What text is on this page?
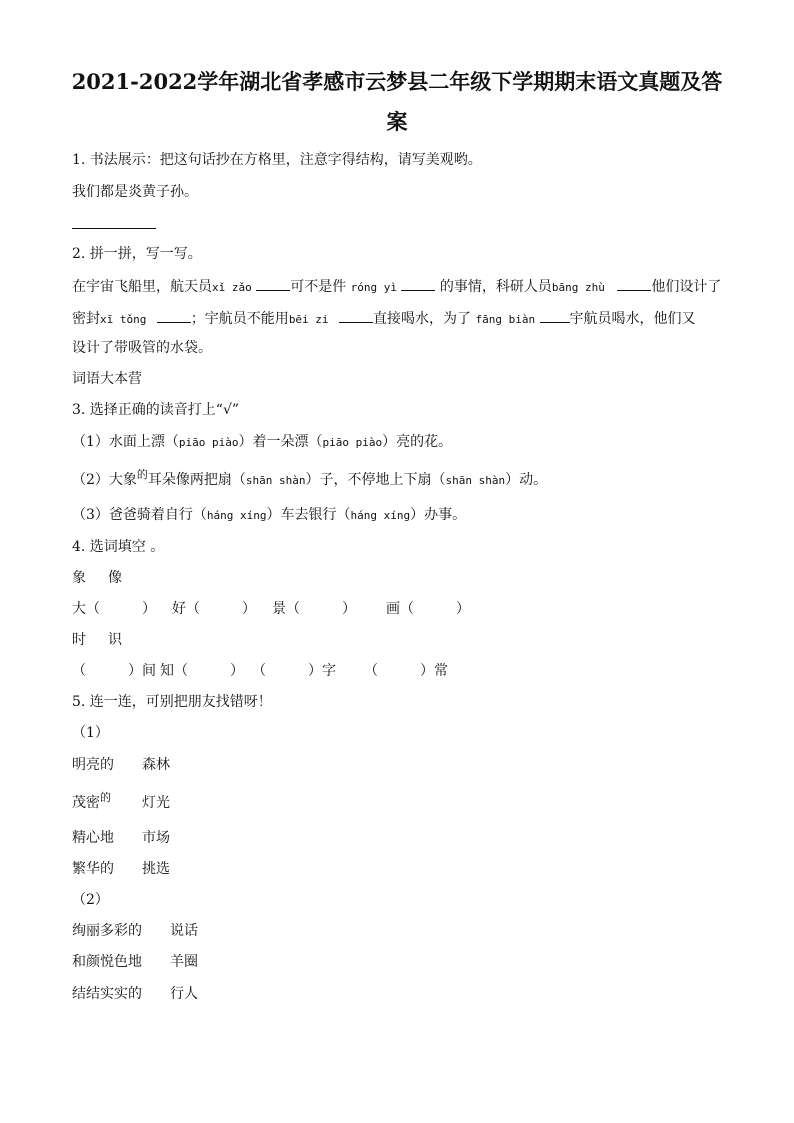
2021-2022学年湖北省孝感市云梦县二年级下学期期末语文真题及答
案
1. 书法展示：把这句话抄在方格里，注意字得结构，请写美观哟。
我们都是炎黄子孙。
2. 拼一拼，写一写。
在宇宙飞船里，航天员xǐ zǎo	可不是件 róng yì	的事情，科研人员bāng zhù	他们设计了
密封xī tǒng	；宇航员不能用bēi zi	直接喝水，为了 fāng biàn 宇航员喝水，他们又
设计了带吸管的水袋。
词语大本营
3. 选择正确的读音打上“√”
（1）水面上漂（piāo piào）着一朵漂（piāo piào）亮的花。
（2）大象$^的$耳朵像两把扇（shān shàn）子，不停地上下扇（shān shàn）动。
（3）爸爸骑着自行（háng xíng）车去银行（háng xíng）办事。
4. 选词填空 。
象 像
大（　　　） 好（　　　） 景（　　　） 画（　　　）
时 识
（　　　）间 知（　　　） （　　　）字 （　　　）常
5. 连一连，可别把朋友找错呀！
（1）
明亮的 森林
茂密$^的$ 灯光
精心地 市场
繁华的 挑选
（2）
绚丽多彩的 说话
和颜悦色地 羊圈
结结实实的 行人
